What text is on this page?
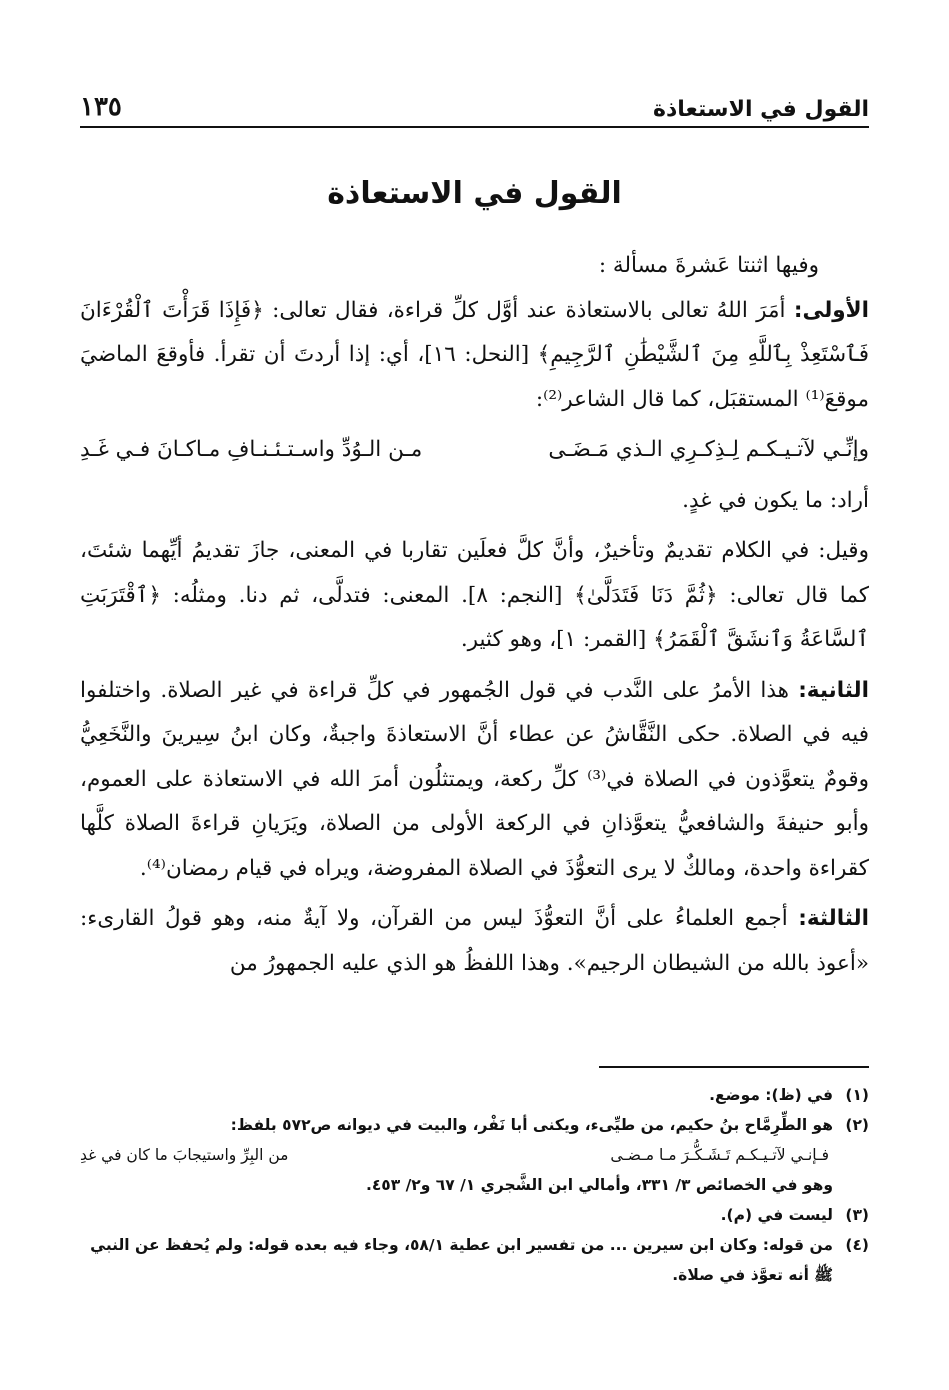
القول في الاستعاذة
١٣٥
القول في الاستعاذة

وفيها اثنتا عَشرةَ مسألة :

الأولى: أمَرَ اللهُ تعالى بالاستعاذة عند أوَّل كلِّ قراءة، فقال تعالى: ﴿فَإِذَا قَرَأْتَ ٱلْقُرْءَانَ فَٱسْتَعِذْ بِٱللَّهِ مِنَ ٱلشَّيْطَٰنِ ٱلرَّجِيمِ﴾ [النحل: ١٦]، أي: إذا أردتَ أن تقرأ. فأوقعَ الماضيَ موقعَ⁽¹⁾ المستقبَل، كما قال الشاعر⁽²⁾:

وإنِّـي لآتـيـكـم لِـذِكـرِي الـذي مَـضَـى
مـن الـوُدِّ واسـتـئـنـافِ مـاكـانَ فـي غَـدِ

أراد: ما يكون في غدٍ.

وقيل: في الكلام تقديمٌ وتأخيرٌ، وأنَّ كلَّ فعلَين تقاربا في المعنى، جازَ تقديمُ أيِّهما شئتَ، كما قال تعالى: ﴿ثُمَّ دَنَا فَتَدَلَّىٰ﴾ [النجم: ٨]. المعنى: فتدلَّى، ثم دنا. ومثلُه: ﴿ٱقْتَرَبَتِ ٱلسَّاعَةُ وَٱنشَقَّ ٱلْقَمَرُ﴾ [القمر: ١]، وهو كثير.

الثانية: هذا الأمرُ على النَّدب في قول الجُمهور في كلِّ قراءة في غير الصلاة. واختلفوا فيه في الصلاة. حكى النَّقَّاشُ عن عطاء أنَّ الاستعاذةَ واجبةٌ، وكان ابنُ سِيرينَ والنَّخَعِيُّ وقومٌ يتعوَّذون في الصلاة في⁽³⁾ كلِّ ركعة، ويمتثلُون أمرَ الله في الاستعاذة على العموم، وأبو حنيفةَ والشافعيُّ يتعوَّذانِ في الركعة الأولى من الصلاة، ويَرَيانِ قراءةَ الصلاة كلَّها كقراءة واحدة، ومالكٌ لا يرى التعوُّذَ في الصلاة المفروضة، ويراه في قيام رمضان⁽⁴⁾.

الثالثة: أجمع العلماءُ على أنَّ التعوُّذَ ليس من القرآن، ولا آيةٌ منه، وهو قولُ القارىء: «أعوذ بالله من الشيطان الرجيم». وهذا اللفظُ هو الذي عليه الجمهورُ من

(١)
في (ظ): موضع.
(٢)
هو الطِّرِمَّاح بنُ حكيم، من طيِّىء، ويكنى أبا نَفْر، والبيت في ديوانه ص٥٧٢ بلفظ:
فـإنـي لآتـيـكـم تَـشَـكُّـرَ مـا مـضـى
من البِرِّ واستيجابَ ما كان في غدِ
وهو في الخصائص ٣/ ٣٣١، وأمالي ابن الشَّجري ١/ ٦٧ و٢/ ٤٥٣.
(٣)
ليست في (م).
(٤)
من قوله: وكان ابن سيرين ... من تفسير ابن عطية ٥٨/١، وجاء فيه بعده قوله: ولم يُحفظ عن النبي
ﷺ أنه تعوَّذ في صلاة.
